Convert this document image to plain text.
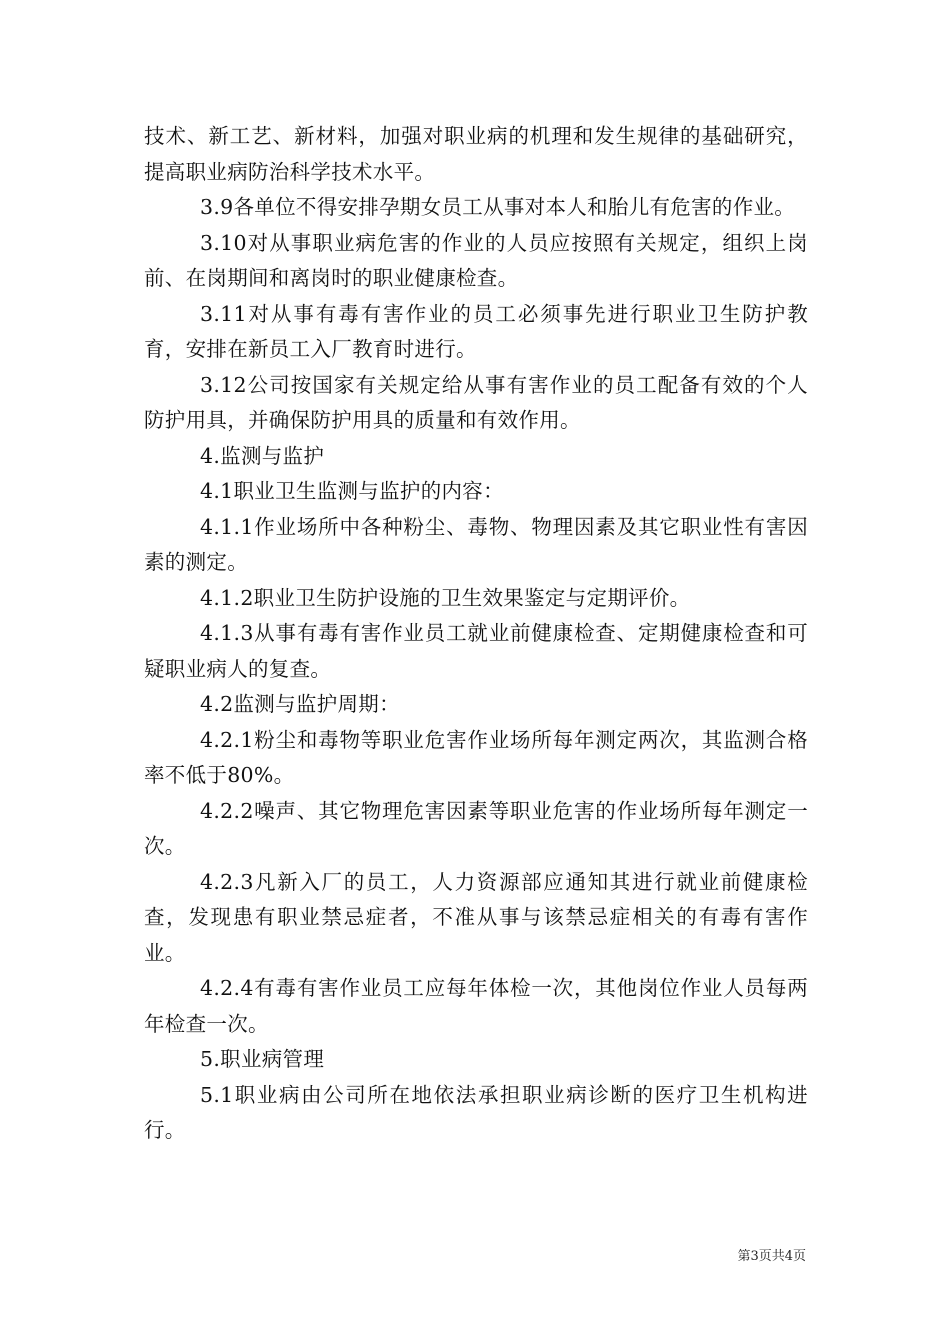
技术、新工艺、新材料，加强对职业病的机理和发生规律的基础研究，提高职业病防治科学技术水平。

3.9各单位不得安排孕期女员工从事对本人和胎儿有危害的作业。

3.10对从事职业病危害的作业的人员应按照有关规定，组织上岗前、在岗期间和离岗时的职业健康检查。

3.11对从事有毒有害作业的员工必须事先进行职业卫生防护教育，安排在新员工入厂教育时进行。

3.12公司按国家有关规定给从事有害作业的员工配备有效的个人防护用具，并确保防护用具的质量和有效作用。

4.监测与监护

4.1职业卫生监测与监护的内容：

4.1.1作业场所中各种粉尘、毒物、物理因素及其它职业性有害因素的测定。

4.1.2职业卫生防护设施的卫生效果鉴定与定期评价。

4.1.3从事有毒有害作业员工就业前健康检查、定期健康检查和可疑职业病人的复查。

4.2监测与监护周期：

4.2.1粉尘和毒物等职业危害作业场所每年测定两次，其监测合格率不低于80%。

4.2.2噪声、其它物理危害因素等职业危害的作业场所每年测定一次。

4.2.3凡新入厂的员工，人力资源部应通知其进行就业前健康检查，发现患有职业禁忌症者，不准从事与该禁忌症相关的有毒有害作业。

4.2.4有毒有害作业员工应每年体检一次，其他岗位作业人员每两年检查一次。

5.职业病管理

5.1职业病由公司所在地依法承担职业病诊断的医疗卫生机构进行。

第3页共4页
